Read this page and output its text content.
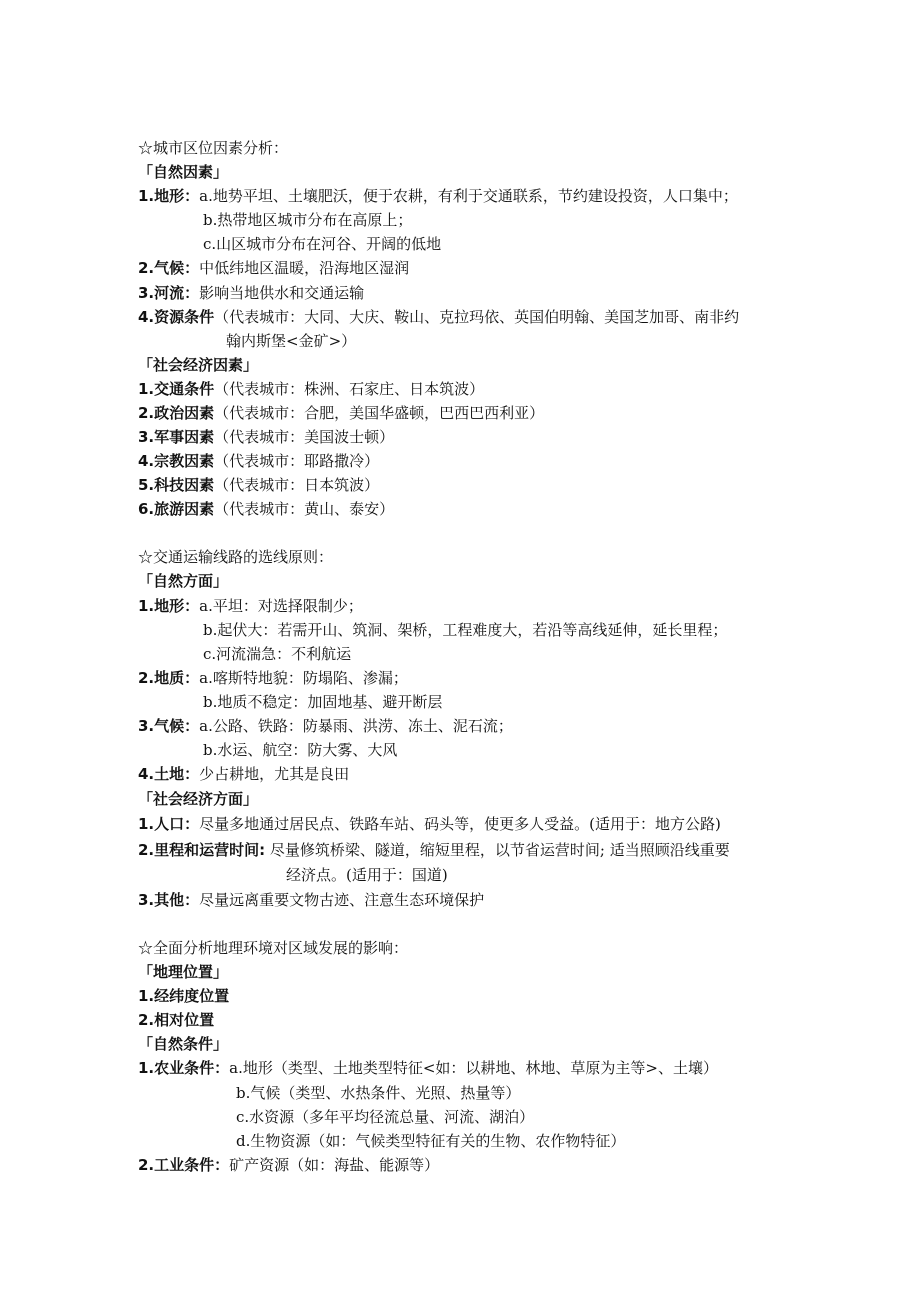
☆城市区位因素分析：
「自然因素」
1.地形：a.地势平坦、土壤肥沃，便于农耕，有利于交通联系，节约建设投资，人口集中；
b.热带地区城市分布在高原上；
c.山区城市分布在河谷、开阔的低地
2.气候：中低纬地区温暖，沿海地区湿润
3.河流：影响当地供水和交通运输
4.资源条件（代表城市：大同、大庆、鞍山、克拉玛依、英国伯明翰、美国芝加哥、南非约
翰内斯堡<金矿>）
「社会经济因素」
1.交通条件（代表城市：株洲、石家庄、日本筑波）
2.政治因素（代表城市：合肥，美国华盛顿，巴西巴西利亚）
3.军事因素（代表城市：美国波士顿）
4.宗教因素（代表城市：耶路撒冷）
5.科技因素（代表城市：日本筑波）
6.旅游因素（代表城市：黄山、泰安）
☆交通运输线路的选线原则：
「自然方面」
1.地形：a.平坦：对选择限制少；
b.起伏大：若需开山、筑洞、架桥，工程难度大，若沿等高线延伸，延长里程；
c.河流湍急：不利航运
2.地质：a.喀斯特地貌：防塌陷、渗漏；
b.地质不稳定：加固地基、避开断层
3.气候：a.公路、铁路：防暴雨、洪涝、冻土、泥石流；
b.水运、航空：防大雾、大风
4.土地：少占耕地，尤其是良田
「社会经济方面」
1.人口：尽量多地通过居民点、铁路车站、码头等，使更多人受益。(适用于：地方公路)
2.里程和运营时间: 尽量修筑桥梁、隧道，缩短里程，以节省运营时间; 适当照顾沿线重要
经济点。(适用于：国道)
3.其他：尽量远离重要文物古迹、注意生态环境保护
☆全面分析地理环境对区域发展的影响：
「地理位置」
1.经纬度位置
2.相对位置
「自然条件」
1.农业条件：a.地形（类型、土地类型特征<如：以耕地、林地、草原为主等>、土壤）
b.气候（类型、水热条件、光照、热量等）
c.水资源（多年平均径流总量、河流、湖泊）
d.生物资源（如：气候类型特征有关的生物、农作物特征）
2.工业条件：矿产资源（如：海盐、能源等）
